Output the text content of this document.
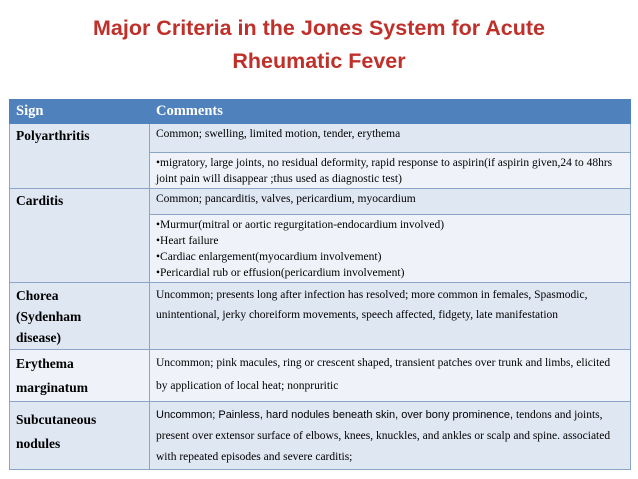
Major Criteria in the Jones System for Acute
Rheumatic Fever
Sign	Comments
Polyarthritis	Common; swelling, limited motion, tender, erythema
	•migratory, large joints, no residual deformity, rapid response to aspirin(if aspirin given,24 to 48hrs joint pain will disappear ;thus used as diagnostic test)
Carditis	Common; pancarditis, valves, pericardium, myocardium

	•Murmur(mitral or aortic regurgitation-endocardium involved)
•Heart failure
•Cardiac enlargement(myocardium involvement)
•Pericardial rub or effusion(pericardium involvement)

Chorea
(Sydenham
disease)	Uncommon; presents long after infection has resolved; more common in females, Spasmodic, unintentional, jerky choreiform movements, speech affected, fidgety, late manifestation

Erythema
marginatum	Uncommon; pink macules, ring or crescent shaped, transient patches over trunk and limbs, elicited by application of local heat; nonpruritic

Subcutaneous
nodules	Uncommon; Painless, hard nodules beneath skin, over bony prominence, tendons and joints, present over extensor surface of elbows, knees, knuckles, and ankles or scalp and spine. associated with repeated episodes and severe carditis;
